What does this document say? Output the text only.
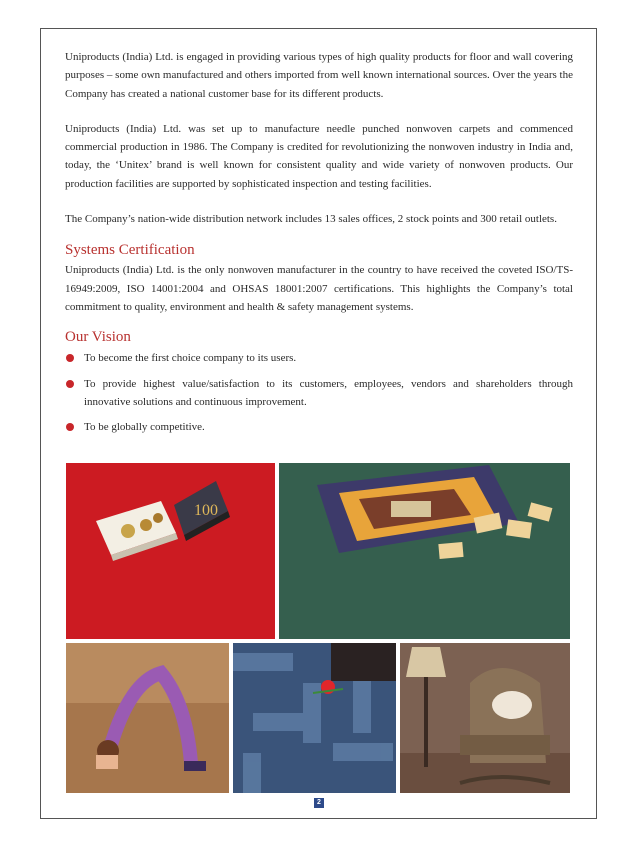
Uniproducts (India) Ltd. is engaged in providing various types of high quality products for floor and wall covering purposes – some own manufactured and others imported from well known international sources. Over the years the Company has created a national customer base for its different products.

Uniproducts (India) Ltd. was set up to manufacture needle punched nonwoven carpets and commenced commercial production in 1986. The Company is credited for revolutionizing the nonwoven industry in India and, today, the ‘Unitex’ brand is well known for consistent quality and wide variety of nonwoven products. Our production facilities are supported by sophisticated inspection and testing facilities.

The Company’s nation-wide distribution network includes 13 sales offices, 2 stock points and 300 retail outlets.

Systems Certification

Uniproducts (India) Ltd. is the only nonwoven manufacturer in the country to have received the coveted ISO/TS-16949:2009, ISO 14001:2004 and OHSAS 18001:2007 certifications. This highlights the Company’s total commitment to quality, environment and health & safety management systems.

Our Vision
To become the first choice company to its users.
To provide highest value/satisfaction to its customers, employees, vendors and shareholders through innovative solutions and continuous improvement.
To be globally competitive.
100
2
